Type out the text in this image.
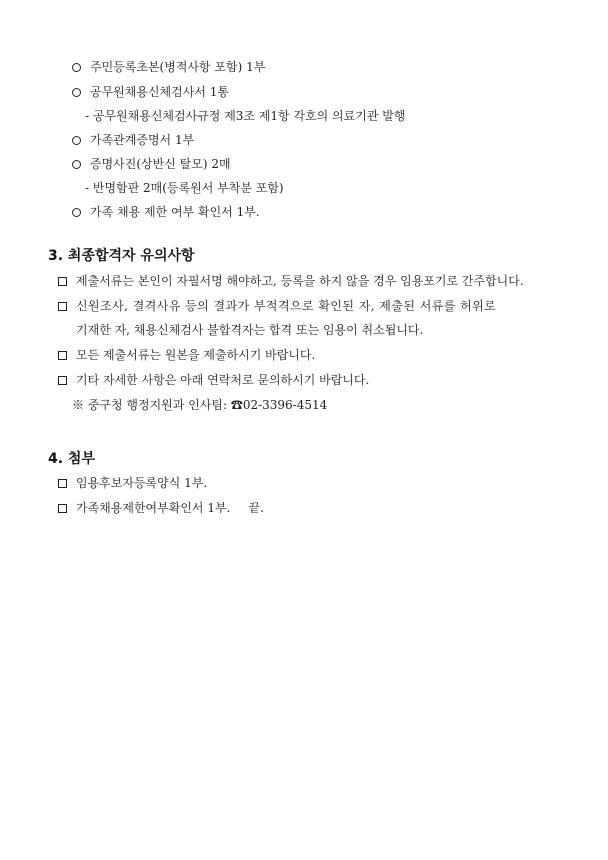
주민등록초본(병적사항 포함) 1부
공무원채용신체검사서 1통
- 공무원채용신체검사규정 제3조 제1항 각호의 의료기관 발행
가족관계증명서 1부
증명사진(상반신 탈모) 2매
- 반명함판 2매(등록원서 부착분 포함)
가족 채용 제한 여부 확인서 1부.
3. 최종합격자 유의사항
제출서류는 본인이 자필서명 해야하고, 등록을 하지 않을 경우 임용포기로 간주합니다.
신원조사, 결격사유 등의 결과가 부적격으로 확인된 자, 제출된 서류를 허위로
기재한 자, 채용신체검사 불합격자는 합격 또는 임용이 취소됩니다.
모든 제출서류는 원본을 제출하시기 바랍니다.
기타 자세한 사항은 아래 연락처로 문의하시기 바랍니다.
※ 중구청 행정지원과 인사팀: ☎02-3396-4514
4. 첨부
임용후보자등록양식 1부.
가족채용제한여부확인서 1부. 끝.
